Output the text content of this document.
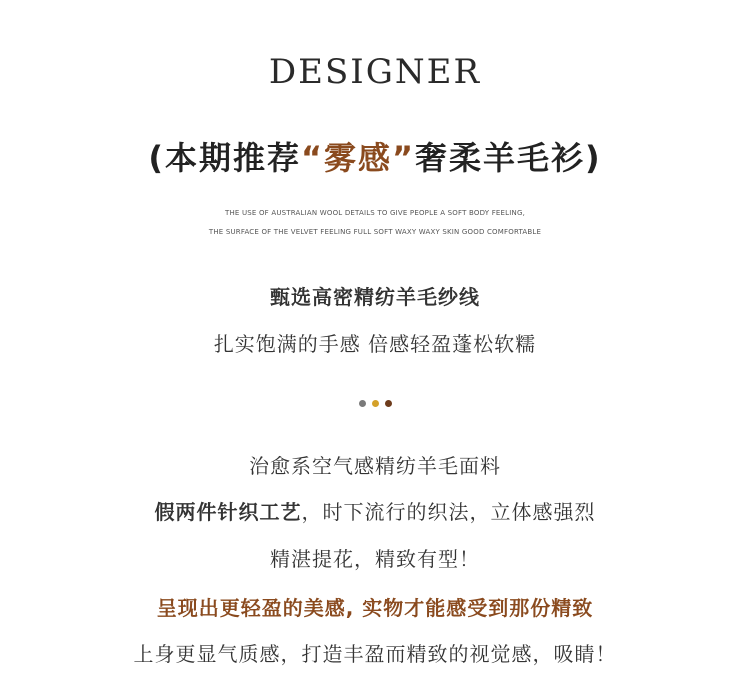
DESIGNER
(本期推荐“雾感”奢柔羊毛衫)
THE USE OF AUSTRALIAN WOOL DETAILS TO GIVE PEOPLE A SOFT BODY FEELING,
THE SURFACE OF THE VELVET FEELING FULL SOFT WAXY WAXY SKIN GOOD COMFORTABLE
甄选高密精纺羊毛纱线
扎实饱满的手感 倍感轻盈蓬松软糯
治愈系空气感精纺羊毛面料
假两件针织工艺，时下流行的织法，立体感强烈
精湛提花，精致有型！
呈现出更轻盈的美感, 实物才能感受到那份精致
上身更显气质感，打造丰盈而精致的视觉感，吸睛！
